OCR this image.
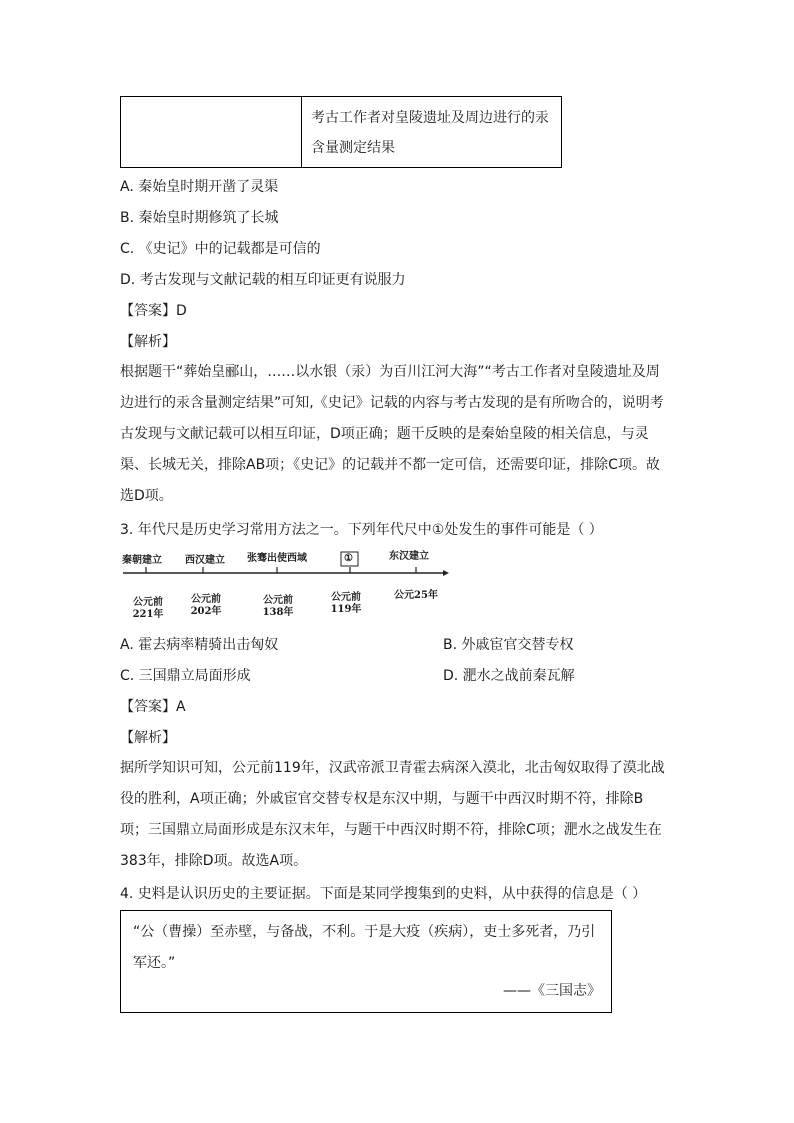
考古工作者对皇陵遗址及周边进行的汞含量测定结果
A. 秦始皇时期开凿了灵渠
B. 秦始皇时期修筑了长城
C. 《史记》中的记载都是可信的
D. 考古发现与文献记载的相互印证更有说服力
【答案】D
【解析】
根据题干“葬始皇郦山，……以水银（汞）为百川江河大海”“考古工作者对皇陵遗址及周边进行的汞含量测定结果”可知,《史记》记载的内容与考古发现的是有所吻合的，说明考古发现与文献记载可以相互印证，D项正确；题干反映的是秦始皇陵的相关信息，与灵渠、长城无关，排除AB项；《史记》的记载并不都一定可信，还需要印证，排除C项。故选D项。
3. 年代尺是历史学习常用方法之一。下列年代尺中①处发生的事件可能是（ ）
秦朝建立 西汉建立 张骞出使西域	①	东汉建立
公元前
221年
公元前
202年
公元前
138年
公元前
119年
公元25年
A. 霍去病率精骑出击匈奴	B. 外戚宦官交替专权
C. 三国鼎立局面形成	D. 淝水之战前秦瓦解
【答案】A
【解析】
据所学知识可知，公元前119年，汉武帝派卫青霍去病深入漠北，北击匈奴取得了漠北战役的胜利，A项正确；外戚宦官交替专权是东汉中期，与题干中西汉时期不符，排除B项；三国鼎立局面形成是东汉末年，与题干中西汉时期不符，排除C项；淝水之战发生在383年，排除D项。故选A项。
4. 史料是认识历史的主要证据。下面是某同学搜集到的史料，从中获得的信息是（ ）
“公（曹操）至赤壁，与备战，不利。于是大疫（疾病），吏士多死者，乃引军还。”
——《三国志》
